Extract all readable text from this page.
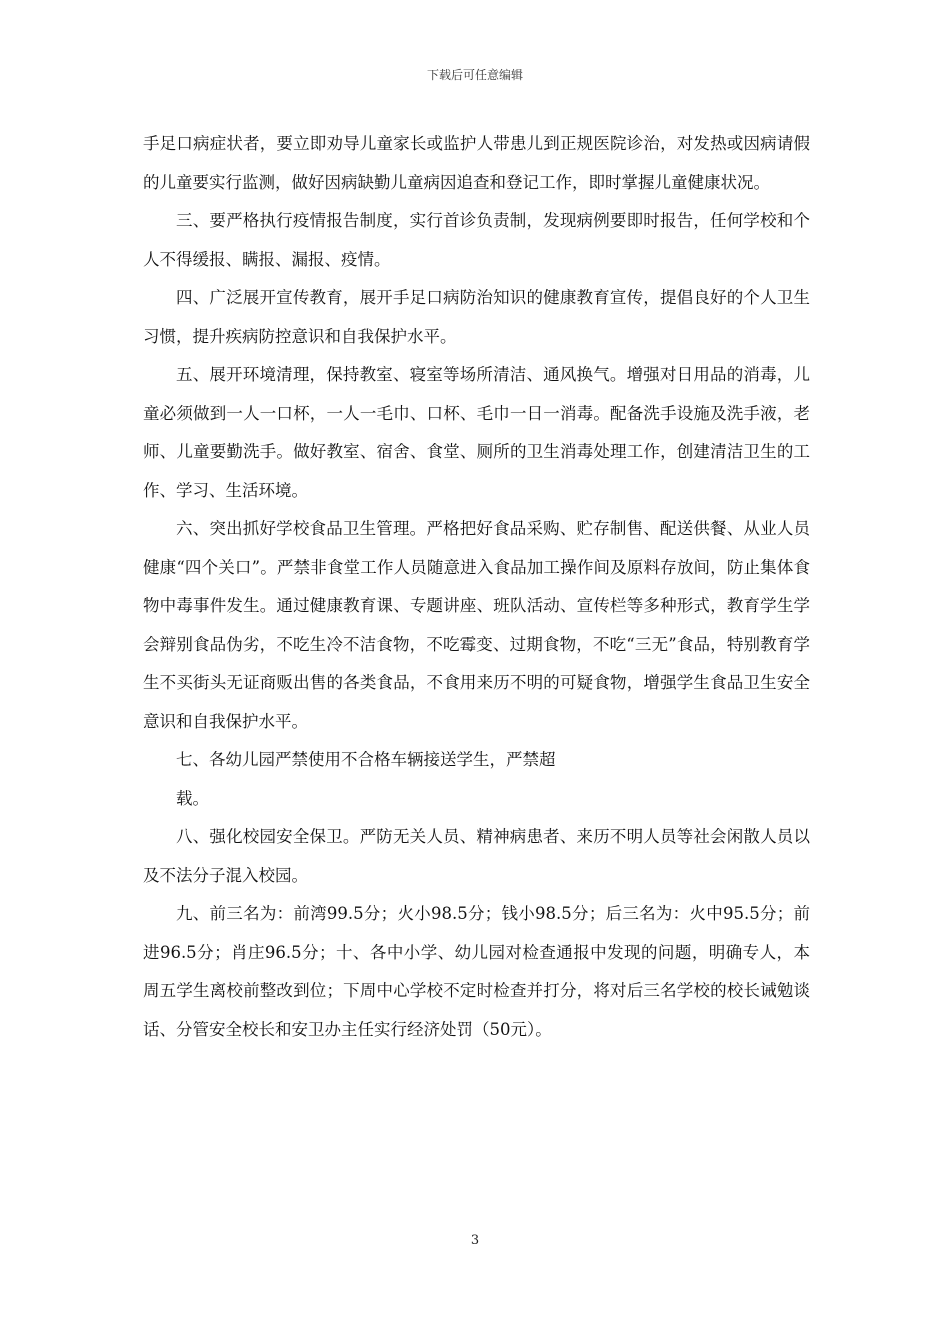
下载后可任意编辑

手足口病症状者，要立即劝导儿童家长或监护人带患儿到正规医院诊治，对发热或因病请假的儿童要实行监测，做好因病缺勤儿童病因追查和登记工作，即时掌握儿童健康状况。

三、要严格执行疫情报告制度，实行首诊负责制，发现病例要即时报告，任何学校和个人不得缓报、瞒报、漏报、疫情。

四、广泛展开宣传教育，展开手足口病防治知识的健康教育宣传，提倡良好的个人卫生习惯，提升疾病防控意识和自我保护水平。

五、展开环境清理，保持教室、寝室等场所清洁、通风换气。增强对日用品的消毒，儿童必须做到一人一口杯，一人一毛巾、口杯、毛巾一日一消毒。配备洗手设施及洗手液，老师、儿童要勤洗手。做好教室、宿舍、食堂、厕所的卫生消毒处理工作，创建清洁卫生的工作、学习、生活环境。

六、突出抓好学校食品卫生管理。严格把好食品采购、贮存制售、配送供餐、从业人员健康“四个关口”。严禁非食堂工作人员随意进入食品加工操作间及原料存放间，防止集体食物中毒事件发生。通过健康教育课、专题讲座、班队活动、宣传栏等多种形式，教育学生学会辩别食品伪劣，不吃生冷不洁食物，不吃霉变、过期食物，不吃“三无”食品，特别教育学生不买街头无证商贩出售的各类食品，不食用来历不明的可疑食物，增强学生食品卫生安全意识和自我保护水平。

七、各幼儿园严禁使用不合格车辆接送学生，严禁超

载。

八、强化校园安全保卫。严防无关人员、精神病患者、来历不明人员等社会闲散人员以及不法分子混入校园。

九、前三名为：前湾99.5分；火小98.5分；钱小98.5分；后三名为：火中95.5分；前进96.5分；肖庄96.5分；十、各中小学、幼儿园对检查通报中发现的问题，明确专人，本周五学生离校前整改到位；下周中心学校不定时检查并打分，将对后三名学校的校长诫勉谈话、分管安全校长和安卫办主任实行经济处罚（50元）。

3
